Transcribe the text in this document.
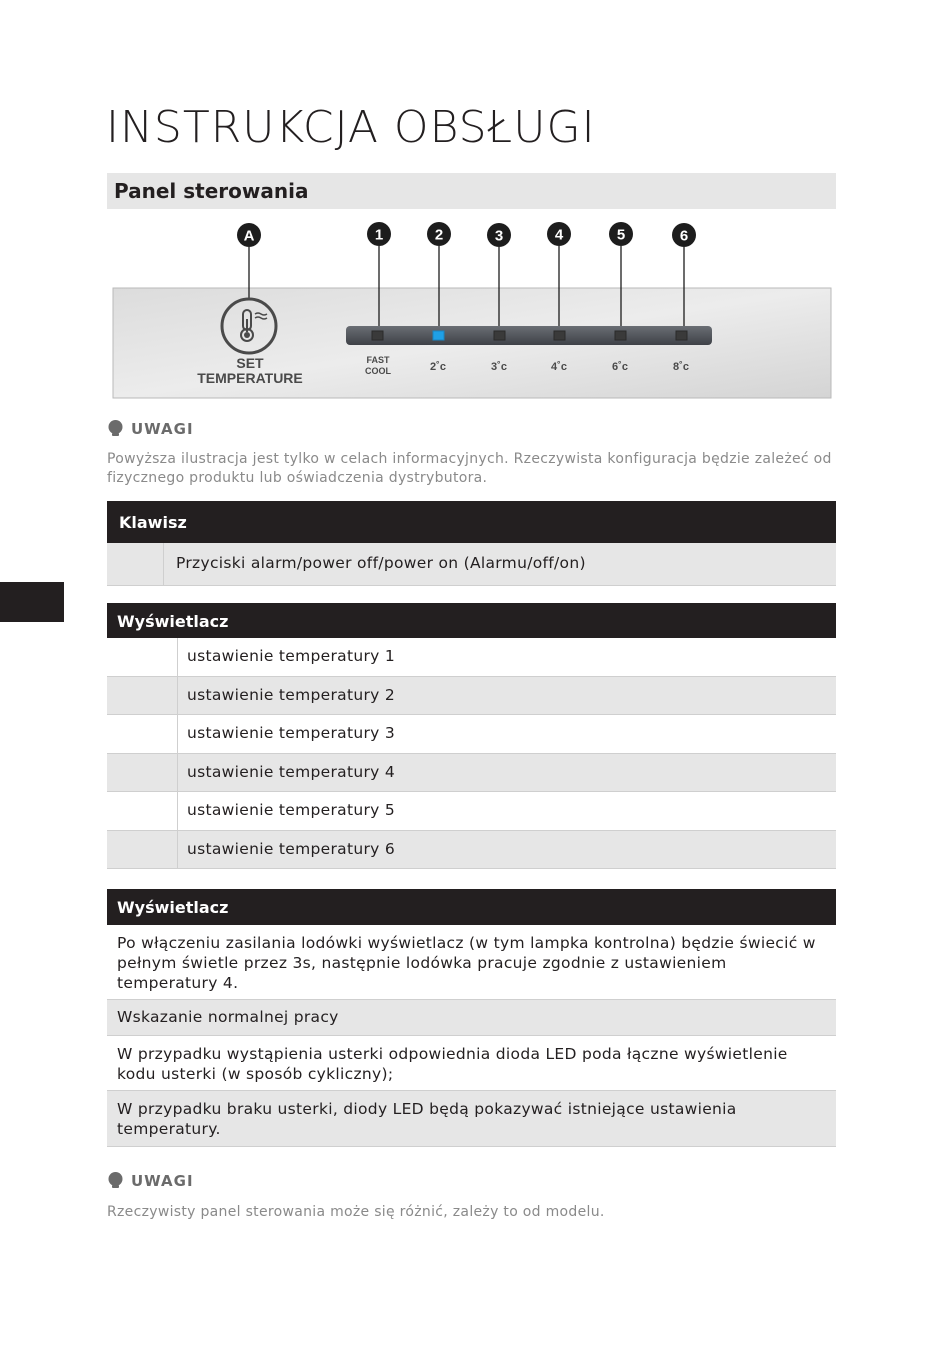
INSTRUKCJA OBSŁUGI
Panel sterowania
A	1	2	3	4	5	6
SET
TEMPERATURE
FAST
COOL	2˚c	3˚c	4˚c	6˚c	8˚c
UWAGI
Powyższa ilustracja jest tylko w celach informacyjnych. Rzeczywista konfiguracja będzie zależeć od fizycznego produktu lub oświadczenia dystrybutora.
Klawisz
Przyciski alarm/power off/power on (Alarmu/off/on)
Wyświetlacz
ustawienie temperatury 1
ustawienie temperatury 2
ustawienie temperatury 3
ustawienie temperatury 4
ustawienie temperatury 5
ustawienie temperatury 6
Wyświetlacz
Po włączeniu zasilania lodówki wyświetlacz (w tym lampka kontrolna) będzie świecić w pełnym świetle przez 3s, następnie lodówka pracuje zgodnie z ustawieniem temperatury 4.
Wskazanie normalnej pracy
W przypadku wystąpienia usterki odpowiednia dioda LED poda łączne wyświetlenie kodu usterki (w sposób cykliczny);
W przypadku braku usterki, diody LED będą pokazywać istniejące ustawienia temperatury.
UWAGI
Rzeczywisty panel sterowania może się różnić, zależy to od modelu.
